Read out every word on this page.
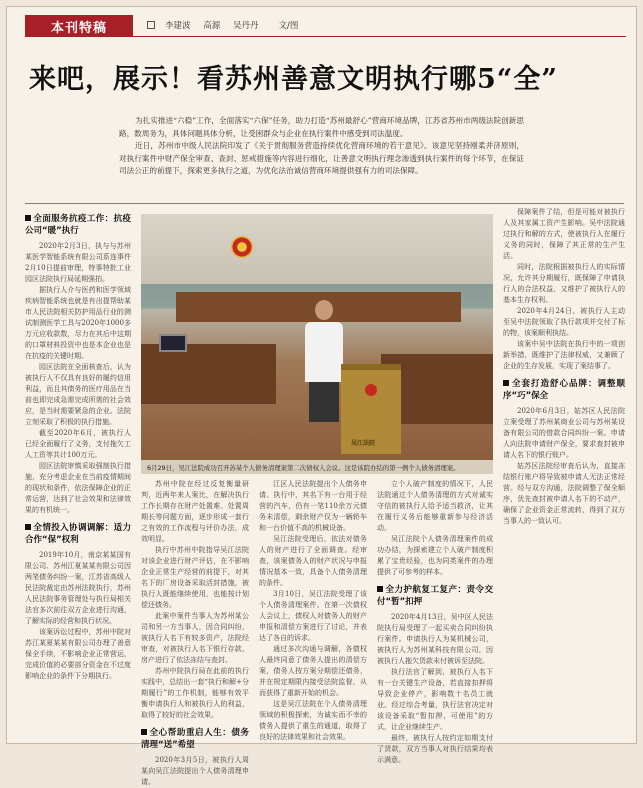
本刊特稿	李建波 高源 吴丹丹	文/图
来吧，展示！看苏州善意文明执行哪5“全”

为扎实推进“六稳”工作，全面落实“六保”任务，助力打造“苏州最舒心”营商环境品牌，江苏省苏州市两级法院创新思路，数周务为，具体问题具体分析，让受困群众与企业在执行案件中感受到司法温度。

近日，苏州市中级人民法院印发了《关于贯彻服务营造持续优化营商环境的若干意见》。该意见坚持刚柔并济原则，对执行案件中财产保全审查、查封、惩戒措施等内容进行细化，让善意文明执行理念渗透到执行案件的每个环节，在保证司法公正的前提下，探索更多执行之道，为优化法治诚信营商环境提供强有力的司法保障。

全面服务抗疫工作：抗疫公司“暖”执行

2020年2月3日，执与与苏州某医学智能系统有限公司系连事件2月10日提前审理，特事特批工业园区法院执行局延期强拍。

据执行人介与医药和医学领域疾病智能系统也就是有出提帮助某市人民法院相关防护用品行业的测试制测医学工具与2020年1000多万元应收款数，尽力在其后中这期的口罩材料投资中也是本企业也是在抗疫的关键时期。

园区法院在全面核查后，认为被执行人不仅具有良好的履约信用利益，而且其债务的医疗用品在当前也即完成急需完成所需的社会效应，是当时需要紧急的企业。法院立刻采取了积极的执行措施。

截至2020年6月，被执行人已经全面履行了义务，支付拖欠工人工资等共计100万元。

园区法院审慎采取强制执行措施，充分考虑企业在当前疫情期间的现状和条件，依法保障企业的正常运营，达到了社会效果和法律效果的有机统一。

全情投入协调调解：适力合作“保”权利

2019年10月，南京某某国有限公司、苏州江夏某某有限公司因两笔债务纠纷一案，江苏省高级人民法院裁定由苏州法院执行，苏州人民法院事务管理处与执行局相关法官多次前往双方企业进行沟通，了解实际的经营和执行状况。

该案诉讼过程中，苏州中院对苏江某夏某某有限公司办理了善意保全手续，不影响企业正常营运，完成价值的必要部分资金在不过度影响企业的条件下分期执行。

吴江法院
6月29日，吴江法院成功召开苏某个人债务清理案第二次债权人会议。这是该院办结的第一例个人债务清理案。

苏州中院在经过反复衡量研判，近两年来人案比，在解决执行工作长期存在财产处置难、处置周期长等问题方面，逐步形成一套行之有效的工作流程与评价办法，成效明显。

执行中苏州中院指导吴江法院对该企业进行财产评估，在不影响企业正常生产经营的前提下，对其名下的厂房设备采取活封措施，被执行人既能继续使用，也能按计划偿还债务。

此案中案件当事人为苏州某公司和另一方当事人，因合同纠纷，被执行人名下有较多资产，法院经审查，对被执行人名下银行存款、房产进行了依法冻结与查封。

苏州中院执行局在此前的执行实践中，总结出一套“执行和解+分期履行”的工作机制，能够有效平衡申请执行人和被执行人的利益，取得了较好的社会效果。

全心帮助重启人生：债务清理“送”希望

2020年3月5日，被执行人周某向吴江法院提出个人债务清理申请。

江区人民法院提出个人债务申请。执行中，其名下有一台用于经营的汽车，仍有一笔110余万元债务未清偿，剩余财产仅为一辆轿车和一台价值不高的机械设备。

吴江法院受理后，依法对债务人的财产进行了全面调查。经审查，该案债务人的财产状况与申报情况基本一致，具备个人债务清理的条件。

3月10日，吴江法院受理了该个人债务清理案件。在第一次债权人会议上，债权人对债务人的财产申报和清偿方案进行了讨论，并表达了各自的诉求。

通过多次沟通与调解，各债权人最终同意了债务人提出的清偿方案，债务人按方案分期偿还债务，并在规定期限内接受法院监督，从而获得了重新开始的机会。

这是吴江法院在个人债务清理领域的积极探索，为诚实而不幸的债务人提供了重生的通道，取得了良好的法律效果和社会效果。

立个人破产制度的情况下，人民法院通过个人债务清理的方式对诚实守信的被执行人给予适当救济，让其在履行义务后能够重新参与经济活动。

吴江法院个人债务清理案件的成功办结，为探索建立个人破产制度积累了宝贵经验，也为同类案件的办理提供了可参考的样本。

全力护航复工复产：责令交付“暂”扣押

2020年4月13日，吴中区人民法院执行局受理了一起买卖合同纠纷执行案件。申请执行人为某机械公司，被执行人为苏州某科技有限公司，因被执行人拖欠货款未付被诉至法院。

执行法官了解到，被执行人名下有一台关键生产设备，若直接扣押将导致企业停产，影响数十名员工就业。经过综合考量，执行法官决定对该设备采取“暂扣押、可使用”的方式，让企业继续生产。

最终，被执行人按约定如期支付了货款，双方当事人对执行结果均表示满意。

保障案件了结，但是可能对被执行人及其家属工资产生影响。吴中法院通过执行和解的方式，使被执行人在履行义务的同时，保障了其正常的生产生活。

同时，法院根据被执行人的实际情况，允许其分期履行，既保障了申请执行人的合法权益，又维护了被执行人的基本生存权利。

2020年4月24日，被执行人主动至吴中法院领取了执行款项并交付了标的物，该案顺利执结。

该案中吴中法院在执行中的一项创新举措，既维护了法律权威，又兼顾了企业的生存发展，实现了案结事了。

全套打造舒心品牌：调整顺序“巧”保全

2020年6月3日，姑苏区人民法院立案受理了苏州某商业公司与苏州某设备有限公司的借款合同纠纷一案。申请人向法院申请财产保全，要求查封被申请人名下的银行账户。

姑苏区法院经审查后认为，直接冻结银行账户将导致被申请人无法正常经营。经与双方沟通，法院调整了保全顺序，优先查封被申请人名下的不动产，确保了企业资金正常流转，得到了双方当事人的一致认可。
